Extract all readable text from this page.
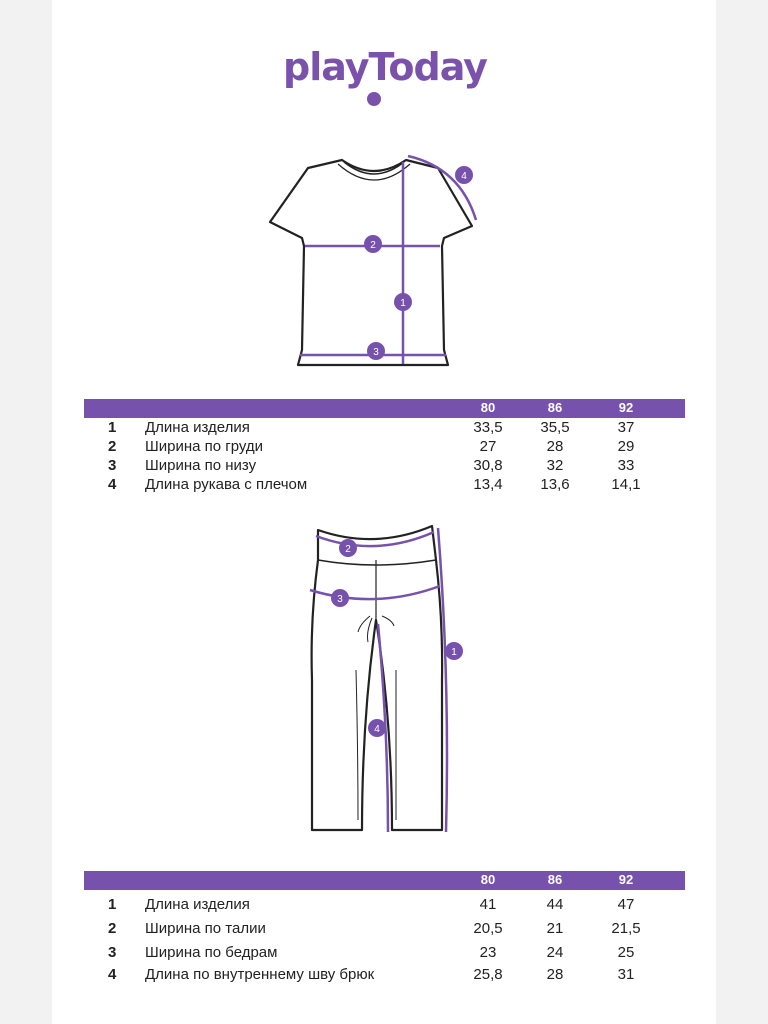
playToday
1
2
3
4
80	86	92
1 Длина изделия	33,5	35,5	37
2 Ширина по груди	27	28	29
3 Ширина по низу	30,8	32	33
4 Длина рукава с плечом	13,4	13,6	14,1
1
2
3
4
80	86	92
1 Длина изделия	41	44	47
2 Ширина по талии	20,5	21	21,5
3 Ширина по бедрам	23	24	25
4 Длина по внутреннему шву брюк	25,8	28	31
